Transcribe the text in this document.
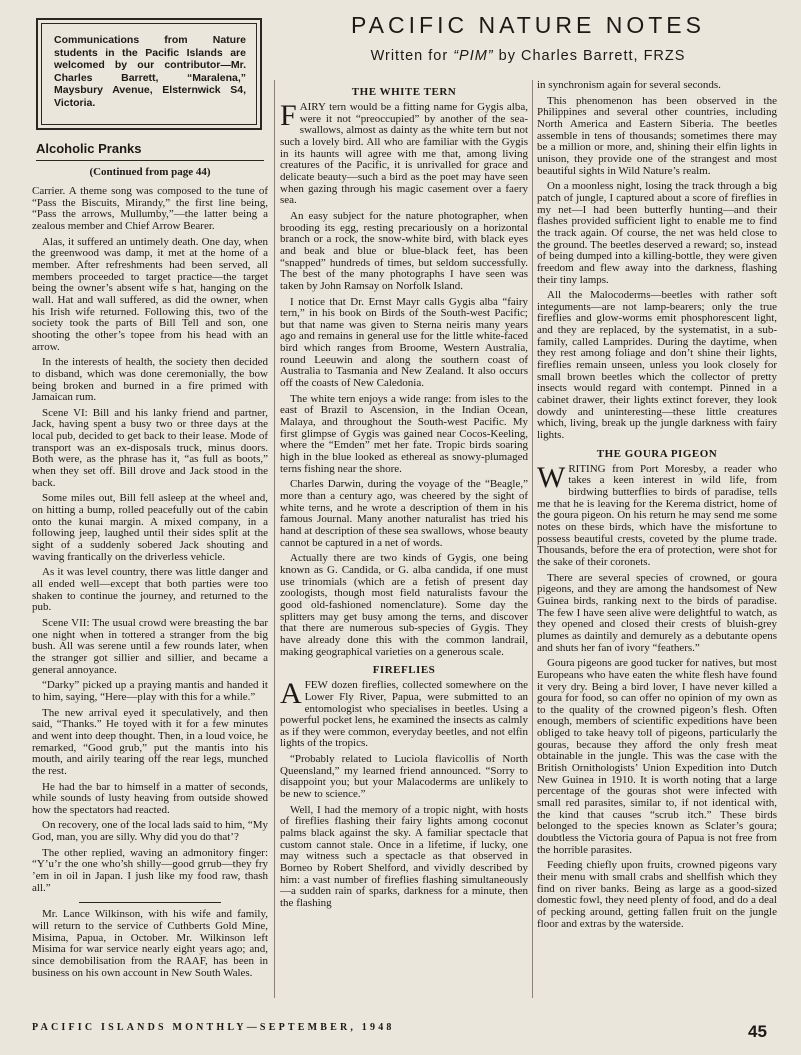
Communications from Nature students in the Pacific Islands are welcomed by our contributor—Mr. Charles Barrett, “Maralena,” Maysbury Avenue, Elsternwick S4, Victoria.
PACIFIC NATURE NOTES
Written for “PIM” by Charles Barrett, FRZS
Alcoholic Pranks
(Continued from page 44)

Carrier. A theme song was composed to the tune of “Pass the Biscuits, Mirandy,” the first line being, “Pass the arrows, Mullumby,”—the latter being a zealous member and Chief Arrow Bearer.

Alas, it suffered an untimely death. One day, when the greenwood was damp, it met at the home of a member. After refreshments had been served, all members proceeded to target practice—the target being the owner’s absent wife s hat, hanging on the wall. Hat and wall suffered, as did the owner, when his Irish wife returned. Following this, two of the society took the parts of Bill Tell and son, one shooting the other’s topee from his head with an arrow.

In the interests of health, the society then decided to disband, which was done ceremonially, the bow being broken and burned in a fire primed with Jamaican rum.

Scene VI: Bill and his lanky friend and partner, Jack, having spent a busy two or three days at the local pub, decided to get back to their lease. Mode of transport was an ex-disposals truck, minus doors. Both were, as the phrase has it, “as full as boots,” when they set off. Bill drove and Jack stood in the back.

Some miles out, Bill fell asleep at the wheel and, on hitting a bump, rolled peacefully out of the cabin onto the kunai margin. A mixed company, in a following jeep, laughed until their sides split at the sight of a suddenly sobered Jack shouting and waving frantically on the driverless vehicle.

As it was level country, there was little danger and all ended well—except that both parties were too shaken to continue the journey, and returned to the pub.

Scene VII: The usual crowd were breasting the bar one night when in tottered a stranger from the big bush. All was serene until a few rounds later, when the stranger got sillier and sillier, and became a general annoyance.

“Darky” picked up a praying mantis and handed it to him, saying, “Here—play with this for a while.”

The new arrival eyed it speculatively, and then said, “Thanks.” He toyed with it for a few minutes and went into deep thought. Then, in a loud voice, he remarked, “Good grub,” put the mantis into his mouth, and airily tearing off the rear legs, munched the rest.

He had the bar to himself in a matter of seconds, while sounds of lusty heaving from outside showed how the spectators had reacted.

On recovery, one of the local lads said to him, “My God, man, you are silly. Why did you do that’?

The other replied, waving an admonitory finger: “Y’u’r the one who’sh shilly—good grrub—they fry ’em in oil in Japan. I jush like my food raw, thash all.”

Mr. Lance Wilkinson, with his wife and family, will return to the service of Cuthberts Gold Mine, Misima, Papua, in October. Mr. Wilkinson left Misima for war service nearly eight years ago; and, since demobilisation from the RAAF, has been in business on his own account in New South Wales.

THE WHITE TERN

FAIRY tern would be a fitting name for Gygis alba, were it not “preoccupied” by another of the sea-swallows, almost as dainty as the white tern but not such a lovely bird. All who are familiar with the Gygis in its haunts will agree with me that, among living creatures of the Pacific, it is unrivalled for grace and delicate beauty—such a bird as the poet may have seen when gazing through his magic casement over a faery sea.

An easy subject for the nature photographer, when brooding its egg, resting precariously on a horizontal branch or a rock, the snow-white bird, with black eyes and beak and blue or blue-black feet, has been “snapped” hundreds of times, but seldom successfully. The best of the many photographs I have seen was taken by John Ramsay on Norfolk Island.

I notice that Dr. Ernst Mayr calls Gygis alba “fairy tern,” in his book on Birds of the South-west Pacific; but that name was given to Sterna neiris many years ago and remains in general use for the little white-faced bird which ranges from Broome, Western Australia, round Leeuwin and along the southern coast of Australia to Tasmania and New Zealand. It also occurs off the coasts of New Caledonia.

The white tern enjoys a wide range: from isles to the east of Brazil to Ascension, in the Indian Ocean, Malaya, and throughout the South-west Pacific. My first glimpse of Gygis was gained near Cocos-Keeling, where the “Emden” met her fate. Tropic birds soaring high in the blue looked as ethereal as snowy-plumaged terns fishing near the shore.

Charles Darwin, during the voyage of the “Beagle,” more than a century ago, was cheered by the sight of white terns, and he wrote a description of them in his famous Journal. Many another naturalist has tried his hand at description of these sea swallows, whose beauty cannot be captured in a net of words.

Actually there are two kinds of Gygis, one being known as G. Candida, or G. alba candida, if one must use trinomials (which are a fetish of present day zoologists, though most field naturalists favour the good old-fashioned nomenclature). Some day the splitters may get busy among the terns, and discover that there are numerous sub-species of Gygis. They have already done this with the common landrail, making geographical varieties on a generous scale.

FIREFLIES

AFEW dozen fireflies, collected somewhere on the Lower Fly River, Papua, were submitted to an entomologist who specialises in beetles. Using a powerful pocket lens, he examined the insects as calmly as if they were common, everyday beetles, and not elfin lights of the tropics.

“Probably related to Luciola flavicollis of North Queensland,” my learned friend announced. “Sorry to disappoint you; but your Malacoderms are unlikely to be new to science.”

Well, I had the memory of a tropic night, with hosts of fireflies flashing their fairy lights among coconut palms black against the sky. A familiar spectacle that custom cannot stale. Once in a lifetime, if lucky, one may witness such a spectacle as that observed in Borneo by Robert Shelford, and vividly described by him: a vast number of fireflies flashing simultaneously—a sudden rain of sparks, darkness for a minute, then the flashing

in synchronism again for several seconds.

This phenomenon has been observed in the Philippines and several other countries, including North America and Eastern Siberia. The beetles assemble in tens of thousands; sometimes there may be a million or more, and, shining their elfin lights in unison, they provide one of the strangest and most beautiful sights in Wild Nature’s realm.

On a moonless night, losing the track through a big patch of jungle, I captured about a score of fireflies in my net—I had been butterfly hunting—and their flashes provided sufficient light to enable me to find the track again. Of course, the net was held close to the ground. The beetles deserved a reward; so, instead of being dumped into a killing-bottle, they were given freedom and flew away into the darkness, flashing their tiny lamps.

All the Malocoderms—beetles with rather soft integuments—are not lamp-bearers; only the true fireflies and glow-worms emit phosphorescent light, and they are replaced, by the systematist, in a sub-family, called Lamprides. During the daytime, when they rest among foliage and don’t shine their lights, fireflies remain unseen, unless you look closely for small brown beetles which the collector of pretty insects would regard with contempt. Pinned in a cabinet drawer, their lights extinct forever, they look dowdy and uninteresting—these little creatures which, living, break up the jungle darkness with fairy lights.

THE GOURA PIGEON

WRITING from Port Moresby, a reader who takes a keen interest in wild life, from birdwing butterflies to birds of paradise, tells me that he is leaving for the Kerema district, home of the goura pigeon. On his return he may send me some notes on these birds, which have the misfortune to possess beautiful crests, coveted by the plume trade. Thousands, before the era of protection, were shot for the sake of their coronets.

There are several species of crowned, or goura pigeons, and they are among the handsomest of New Guinea birds, ranking next to the birds of paradise. The few I have seen alive were delightful to watch, as they opened and closed their crests of bluish-grey plumes as daintily and demurely as a debutante opens and shuts her fan of ivory “feathers.”

Goura pigeons are good tucker for natives, but most Europeans who have eaten the white flesh have found it very dry. Being a bird lover, I have never killed a goura for food, so can offer no opinion of my own as to the quality of the crowned pigeon’s flesh. Often enough, members of scientific expeditions have been obliged to take heavy toll of pigeons, particularly the gouras, because they afford the only fresh meat obtainable in the jungle. This was the case with the British Ornithologists’ Union Expedition into Dutch New Guinea in 1910. It is worth noting that a large percentage of the gouras shot were infected with small red parasites, similar to, if not identical with, the kind that causes “scrub itch.” These birds belonged to the species known as Sclater’s goura; doubtless the Victoria goura of Papua is not free from the horrible parasites.

Feeding chiefly upon fruits, crowned pigeons vary their menu with small crabs and shellfish which they find on river banks. Being as large as a good-sized domestic fowl, they need plenty of food, and do a deal of pecking around, getting fallen fruit on the jungle floor and extras by the waterside.

PACIFIC ISLANDS MONTHLY—SEPTEMBER, 1948	45
